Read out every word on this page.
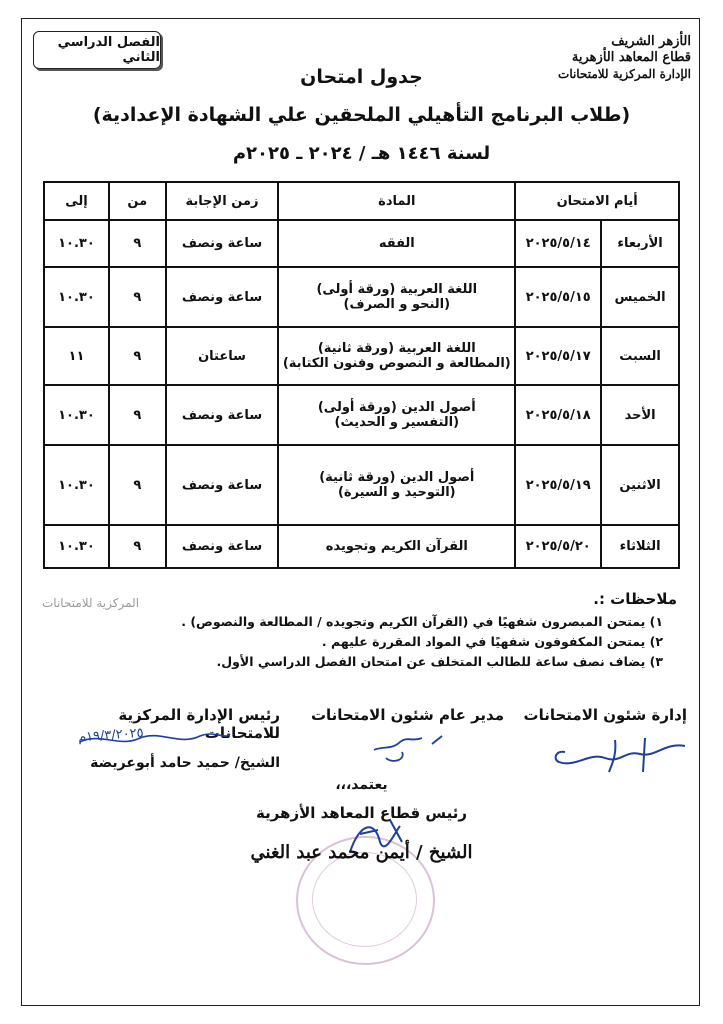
الفصل الدراسي الثاني
الأزهر الشريف
قطاع المعاهد الأزهرية
الإدارة المركزية للامتحانات
جدول امتحان
(طلاب البرنامج التأهيلي الملحقين علي الشهادة الإعدادية)
لسنة ١٤٤٦ هـ / ٢٠٢٤ ـ ٢٠٢٥م
أيام الامتحان		المادة	زمن الإجابة	من	إلى
الأربعاء	٢٠٢٥/٥/١٤	الفقه	ساعة ونصف	٩	١٠.٣٠
الخميس	٢٠٢٥/٥/١٥	اللغة العربية (ورقة أولى)
(النحو و الصرف)	ساعة ونصف	٩	١٠.٣٠
السبت	٢٠٢٥/٥/١٧	اللغة العربية (ورقة ثانية)
(المطالعة و النصوص وفنون الكتابة)	ساعتان	٩	١١
الأحد	٢٠٢٥/٥/١٨	أصول الدين (ورقة أولى)
(التفسير و الحديث)	ساعة ونصف	٩	١٠.٣٠
الاثنين	٢٠٢٥/٥/١٩	أصول الدين (ورقة ثانية)
(التوحيد و السيرة)	ساعة ونصف	٩	١٠.٣٠
الثلاثاء	٢٠٢٥/٥/٢٠	القرآن الكريم وتجويده	ساعة ونصف	٩	١٠.٣٠
المركزية للامتحانات	ملاحظات :.
١) يمتحن المبصرون شفهيًا في (القرآن الكريم وتجويده / المطالعة والنصوص) .
٢) يمتحن المكفوفون شفهيًا في المواد المقررة عليهم .
٣) يضاف نصف ساعة للطالب المتخلف عن امتحان الفصل الدراسي الأول.
إدارة شئون الامتحانات
مدير عام شئون الامتحانات
رئيس الإدارة المركزية للامتحانات
١٩/٣/٢٠٢٥م
الشيخ/ حميد حامد أبوعريضة
يعتمد،،،
رئيس قطاع المعاهد الأزهرية
الشيخ / أيمن محمد عبد الغني
